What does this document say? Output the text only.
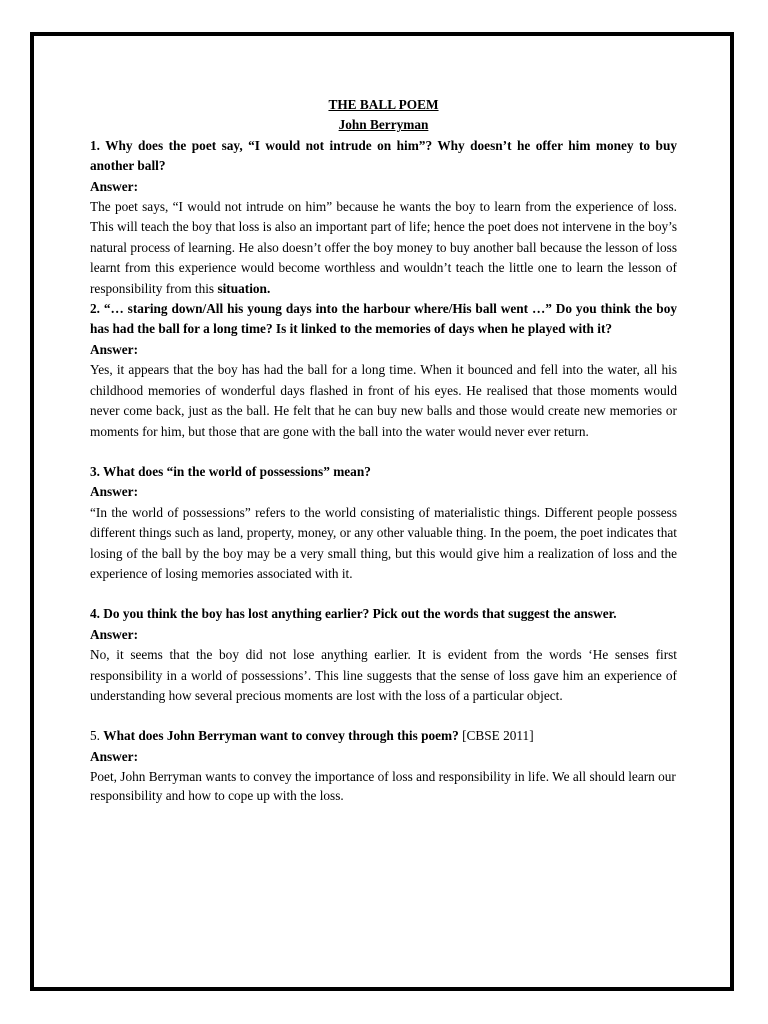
THE BALL POEM

John Berryman

1. Why does the poet say, “I would not intrude on him”? Why doesn’t he offer him money to buy another ball?

Answer:

The poet says, “I would not intrude on him” because he wants the boy to learn from the experience of loss. This will teach the boy that loss is also an important part of life; hence the poet does not intervene in the boy’s natural process of learning. He also doesn’t offer the boy money to buy another ball because the lesson of loss learnt from this experience would become worthless and wouldn’t teach the little one to learn the lesson of responsibility from this situation.

2. “… staring down/All his young days into the harbour where/His ball went …” Do you think the boy has had the ball for a long time? Is it linked to the memories of days when he played with it?

Answer:

Yes, it appears that the boy has had the ball for a long time. When it bounced and fell into the water, all his childhood memories of wonderful days flashed in front of his eyes. He realised that those moments would never come back, just as the ball. He felt that he can buy new balls and those would create new memories or moments for him, but those that are gone with the ball into the water would never ever return.

3. What does “in the world of possessions” mean?

Answer:

“In the world of possessions” refers to the world consisting of materialistic things. Different people possess different things such as land, property, money, or any other valuable thing. In the poem, the poet indicates that losing of the ball by the boy may be a very small thing, but this would give him a realization of loss and the experience of losing memories associated with it.

4. Do you think the boy has lost anything earlier? Pick out the words that suggest the answer.

Answer:

No, it seems that the boy did not lose anything earlier. It is evident from the words ‘He senses first responsibility in a world of possessions’. This line suggests that the sense of loss gave him an experience of understanding how several precious moments are lost with the loss of a particular object.

5. What does John Berryman want to convey through this poem? [CBSE 2011]

Answer:

Poet, John Berryman wants to convey the importance of loss and responsibility in life. We all should learn our responsibility and how to cope up with the loss.
